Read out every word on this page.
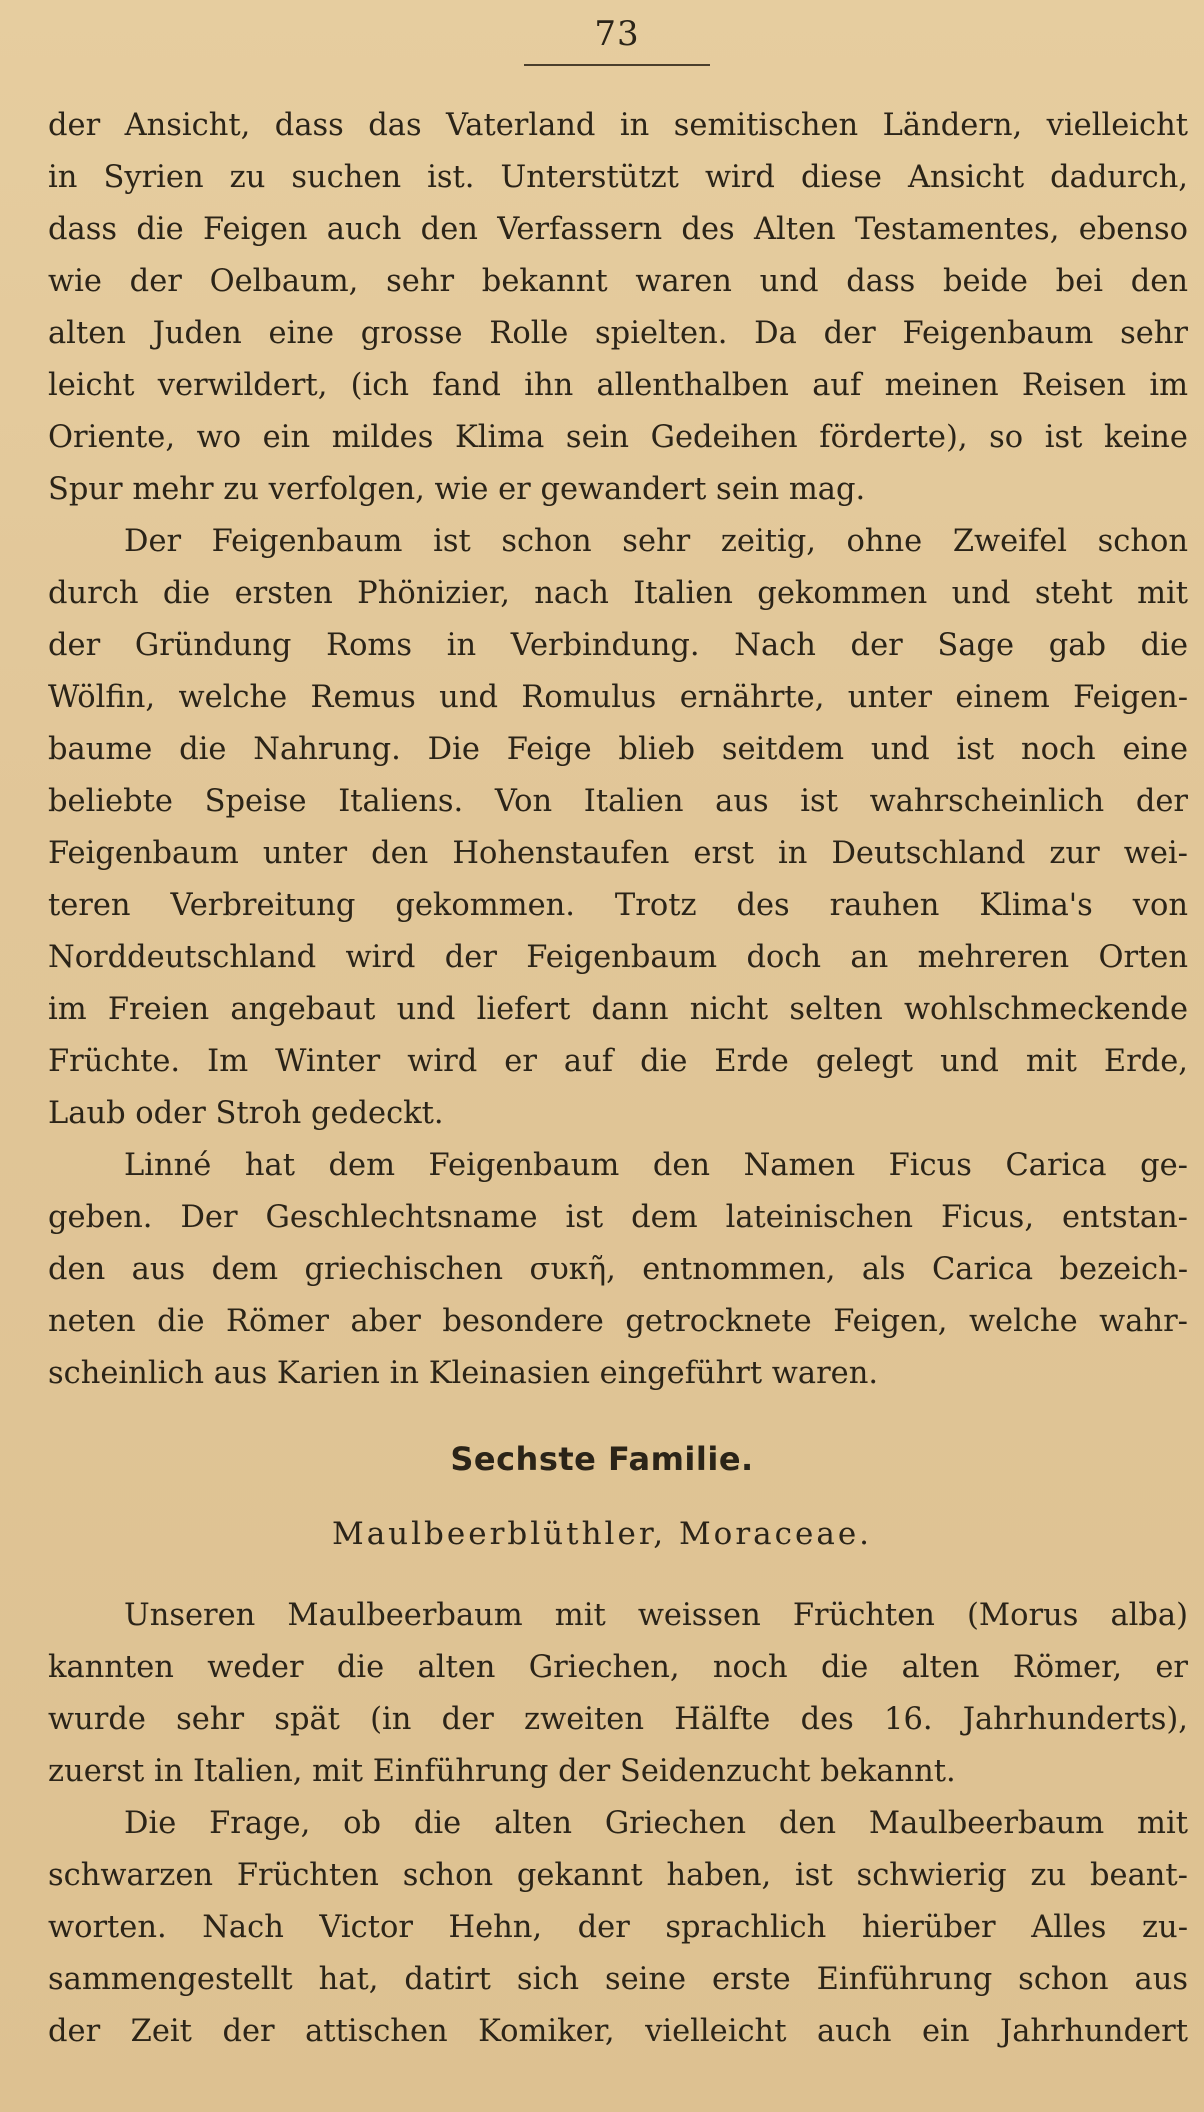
73
der Ansicht, dass das Vaterland in semitischen Ländern, vielleicht
in Syrien zu suchen ist. Unterstützt wird diese Ansicht dadurch,
dass die Feigen auch den Verfassern des Alten Testamentes, ebenso
wie der Oelbaum, sehr bekannt waren und dass beide bei den
alten Juden eine grosse Rolle spielten. Da der Feigenbaum sehr
leicht verwildert, (ich fand ihn allenthalben auf meinen Reisen im
Oriente, wo ein mildes Klima sein Gedeihen förderte), so ist keine
Spur mehr zu verfolgen, wie er gewandert sein mag.
Der Feigenbaum ist schon sehr zeitig, ohne Zweifel schon
durch die ersten Phönizier, nach Italien gekommen und steht mit
der Gründung Roms in Verbindung. Nach der Sage gab die
Wölfin, welche Remus und Romulus ernährte, unter einem Feigen-
baume die Nahrung. Die Feige blieb seitdem und ist noch eine
beliebte Speise Italiens. Von Italien aus ist wahrscheinlich der
Feigenbaum unter den Hohenstaufen erst in Deutschland zur wei-
teren Verbreitung gekommen. Trotz des rauhen Klima's von
Norddeutschland wird der Feigenbaum doch an mehreren Orten
im Freien angebaut und liefert dann nicht selten wohlschmeckende
Früchte. Im Winter wird er auf die Erde gelegt und mit Erde,
Laub oder Stroh gedeckt.
Linné hat dem Feigenbaum den Namen Ficus Carica ge-
geben. Der Geschlechtsname ist dem lateinischen Ficus, entstan-
den aus dem griechischen συκῆ, entnommen, als Carica bezeich-
neten die Römer aber besondere getrocknete Feigen, welche wahr-
scheinlich aus Karien in Kleinasien eingeführt waren.
Sechste Familie.
Maulbeerblüthler, Moraceae.
Unseren Maulbeerbaum mit weissen Früchten (Morus alba)
kannten weder die alten Griechen, noch die alten Römer, er
wurde sehr spät (in der zweiten Hälfte des 16. Jahrhunderts),
zuerst in Italien, mit Einführung der Seidenzucht bekannt.
Die Frage, ob die alten Griechen den Maulbeerbaum mit
schwarzen Früchten schon gekannt haben, ist schwierig zu beant-
worten. Nach Victor Hehn, der sprachlich hierüber Alles zu-
sammengestellt hat, datirt sich seine erste Einführung schon aus
der Zeit der attischen Komiker, vielleicht auch ein Jahrhundert
